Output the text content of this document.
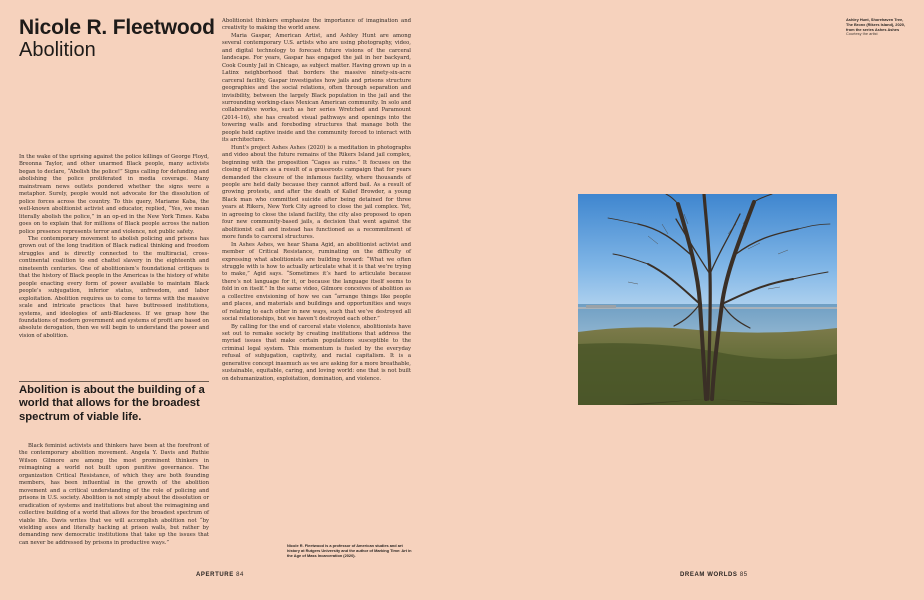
Nicole R. Fleetwood
Abolition

In the wake of the uprising against the police killings of George Floyd, Breonna Taylor, and other unarmed Black people, many activists began to declare, “Abolish the police!” Signs calling for defunding and abolishing the police proliferated in media coverage. Many mainstream news outlets pondered whether the signs were a metaphor. Surely, people would not advocate for the dissolution of police forces across the country. To this query, Mariame Kaba, the well-known abolitionist activist and educator, replied, “Yes, we mean literally abolish the police,” in an op-ed in the New York Times. Kaba goes on to explain that for millions of Black people across the nation police presence represents terror and violence, not public safety.

The contemporary movement to abolish policing and prisons has grown out of the long tradition of Black radical thinking and freedom struggles and is directly connected to the multiracial, cross-continental coalition to end chattel slavery in the eighteenth and nineteenth centuries. One of abolitionism’s foundational critiques is that the history of Black people in the Americas is the history of white people enacting every form of power available to maintain Black people’s subjugation, inferior status, unfreedom, and labor exploitation. Abolition requires us to come to terms with the massive scale and intricate practices that have buttressed institutions, systems, and ideologies of anti-Blackness. If we grasp how the foundations of modern government and systems of profit are based on absolute derogation, then we will begin to understand the power and vision of abolition.

Abolition is about the building of a world that allows for the broadest spectrum of viable life.

Black feminist activists and thinkers have been at the forefront of the contemporary abolition movement. Angela Y. Davis and Ruthie Wilson Gilmore are among the most prominent thinkers in reimagining a world not built upon punitive governance. The organization Critical Resistance, of which they are both founding members, has been influential in the growth of the abolition movement and a critical understanding of the role of policing and prisons in U.S. society. Abolition is not simply about the dissolution or eradication of systems and institutions but about the reimagining and collective building of a world that allows for the broadest spectrum of viable life. Davis writes that we will accomplish abolition not “by wielding axes and literally hacking at prison walls, but rather by demanding new democratic institutions that take up the issues that can never be addressed by prisons in productive ways.”

Abolitionist thinkers emphasize the importance of imagination and creativity to making the world anew.

Maria Gaspar, American Artist, and Ashley Hunt are among several contemporary U.S. artists who are using photography, video, and digital technology to forecast future visions of the carceral landscape. For years, Gaspar has engaged the jail in her backyard, Cook County Jail in Chicago, as subject matter. Having grown up in a Latinx neighborhood that borders the massive ninety-six-acre carceral facility, Gaspar investigates how jails and prisons structure geographies and the social relations, often through separation and invisibility, between the largely Black population in the jail and the surrounding working-class Mexican American community. In solo and collaborative works, such as her series Wretched and Paramount (2014–16), she has created visual pathways and openings into the towering walls and foreboding structures that manage both the people held captive inside and the community forced to interact with its architecture.

Hunt’s project Ashes Ashes (2020) is a meditation in photographs and video about the future remains of the Rikers Island jail complex, beginning with the proposition “Cages as ruins.” It focuses on the closing of Rikers as a result of a grassroots campaign that for years demanded the closure of the infamous facility, where thousands of people are held daily because they cannot afford bail. As a result of growing protests, and after the death of Kalief Browder, a young Black man who committed suicide after being detained for three years at Rikers, New York City agreed to close the jail complex. Yet, in agreeing to close the island facility, the city also proposed to open four new community-based jails, a decision that went against the abolitionist call and instead has functioned as a recommitment of more funds to carceral structures.

In Ashes Ashes, we hear Shana Agid, an abolitionist activist and member of Critical Resistance, ruminating on the difficulty of expressing what abolitionists are building toward: “What we often struggle with is how to actually articulate what it is that we’re trying to make,” Agid says. “Sometimes it’s hard to articulate because there’s not language for it, or because the language itself seems to fold in on itself.” In the same video, Gilmore conceives of abolition as a collective envisioning of how we can “arrange things like people and places, and materials and buildings and opportunities and ways of relating to each other in new ways, such that we’ve destroyed all social relationships, but we haven’t destroyed each other.”

By calling for the end of carceral state violence, abolitionists have set out to remake society by creating institutions that address the myriad issues that make certain populations susceptible to the criminal legal system. This momentum is fueled by the everyday refusal of subjugation, captivity, and racial capitalism. It is a generative concept inasmuch as we are asking for a more breathable, sustainable, equitable, caring, and loving world: one that is not built on dehumanization, exploitation, domination, and violence.

Nicole R. Fleetwood is a professor of American studies and art history at Rutgers University and the author of Marking Time: Art in the Age of Mass Incarceration (2020).
Ashley Hunt, Shorehaven Tree, The Bronx (Rikers Island), 2020, from the series Ashes Ashes
Courtesy the artist
APERTURE 84	DREAM WORLDS 85
